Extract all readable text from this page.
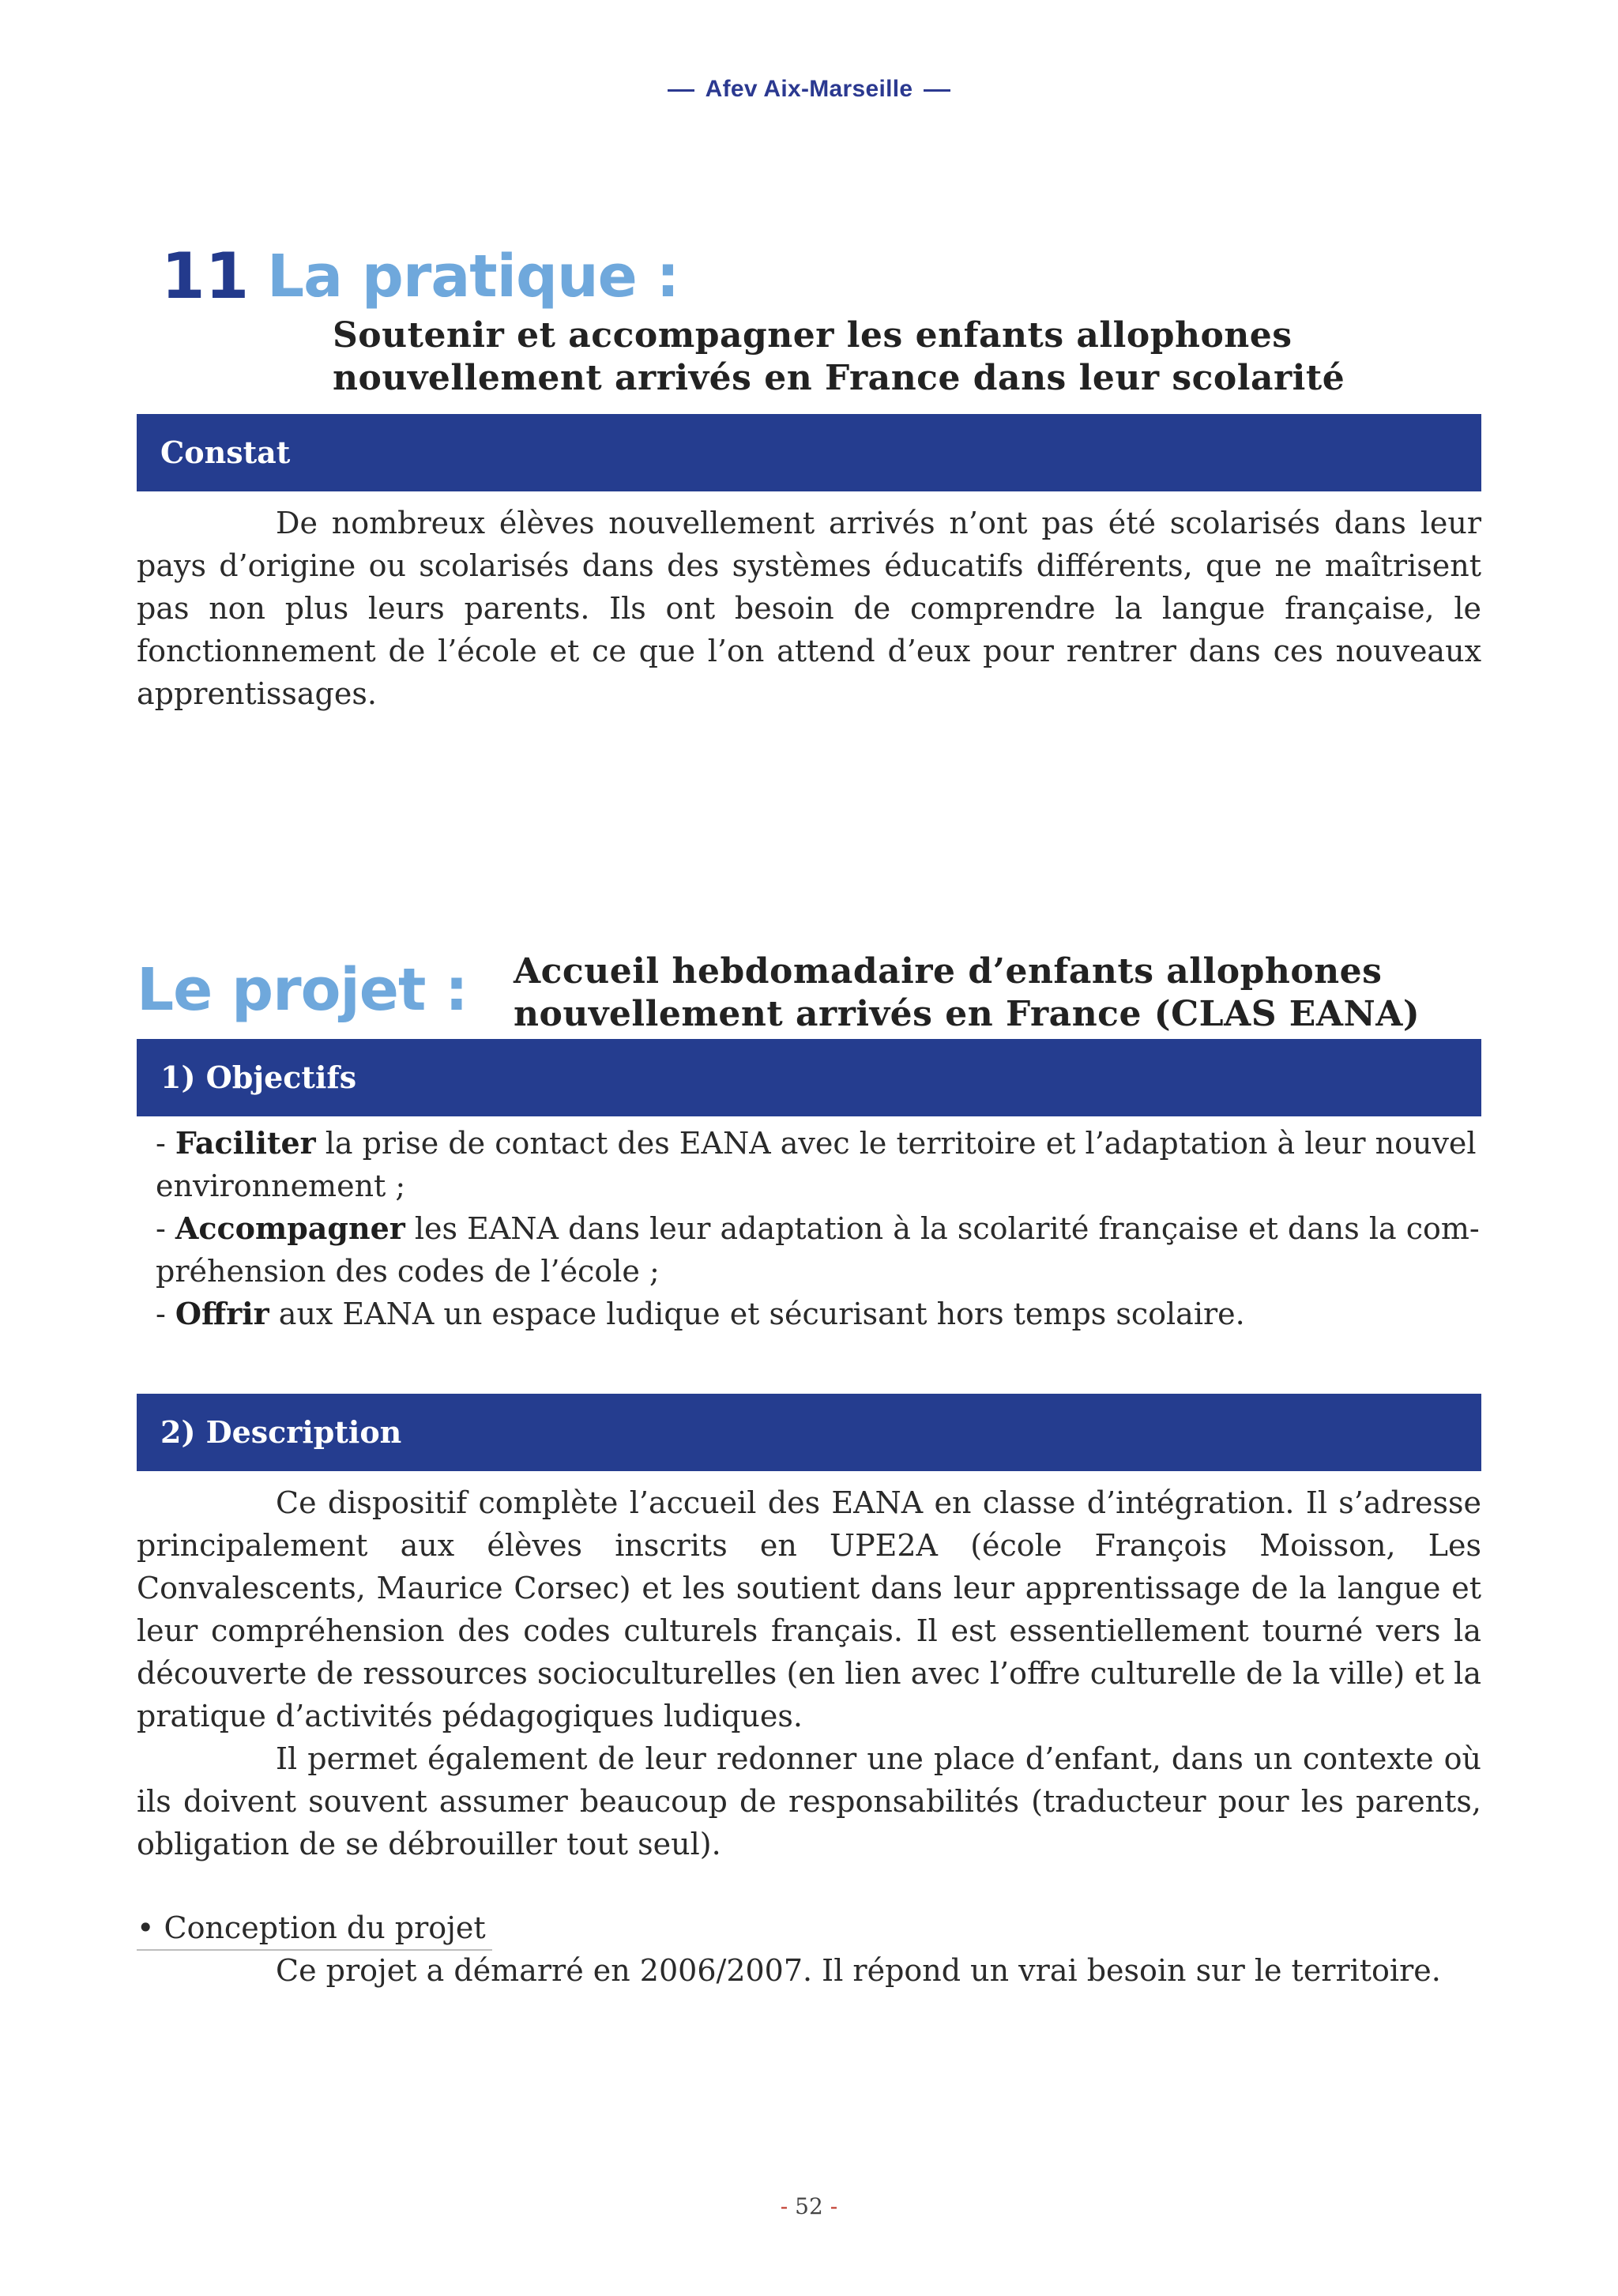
Afev Aix-Marseille
11 La pratique :
Soutenir et accompagner les enfants allophones
nouvellement arrivés en France dans leur scolarité
Constat

De nombreux élèves nouvellement arrivés n’ont pas été scolarisés dans leur pays d’origine ou scolarisés dans des systèmes éducatifs différents, que ne maîtrisent pas non plus leurs parents. Ils ont besoin de comprendre la langue française, le fonctionnement de l’école et ce que l’on attend d’eux pour rentrer dans ces nouveaux apprentissages.

Le projet : Accueil hebdomadaire d’enfants allophones
nouvellement arrivés en France (CLAS EANA)
1) Objectifs
- Faciliter la prise de contact des EANA avec le territoire et l’adaptation à leur nouvel
environnement ;
- Accompagner les EANA dans leur adaptation à la scolarité française et dans la com-
préhension des codes de l’école ;
- Offrir aux EANA un espace ludique et sécurisant hors temps scolaire.
2) Description

Ce dispositif complète l’accueil des EANA en classe d’intégration. Il s’adresse principalement aux élèves inscrits en UPE2A (école François Moisson, Les Convalescents, Maurice Corsec) et les soutient dans leur apprentissage de la langue et leur compréhension des codes culturels français. Il est essentiellement tourné vers la découverte de ressources socioculturelles (en lien avec l’offre culturelle de la ville) et la pratique d’activités pédagogiques ludiques.

Il permet également de leur redonner une place d’enfant, dans un contexte où ils doivent souvent assumer beaucoup de responsabilités (traducteur pour les parents, obligation de se débrouiller tout seul).

• Conception du projet
Ce projet a démarré en 2006/2007. Il répond un vrai besoin sur le territoire.
- 52 -
